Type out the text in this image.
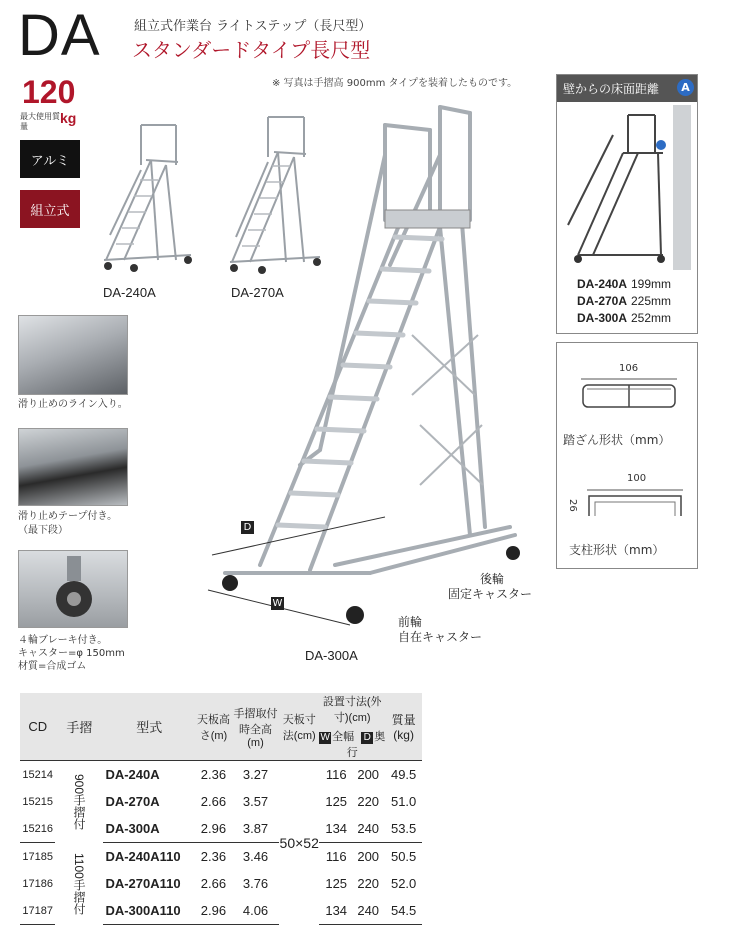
DA	組立式作業台 ライトステップ（長尺型）
スタンダードタイプ長尺型
120
最大使用質量
kg
アルミ
組立式
※ 写真は手摺高 900mm タイプを装着したものです。
DA-240A	DA-270A
D
W
後輪
固定キャスター
前輪
自在キャスター
DA-300A
滑り止めのライン入り。
滑り止めテープ付き。
（最下段）
４輪ブレーキ付き。
キャスター=φ 150mm
材質=合成ゴム
壁からの床面距離	A
DA-240A 199mm
DA-270A 225mm
DA-300A 252mm
106
踏ざん形状（mm）
100
26
支柱形状（mm）
CD	手摺	型式	天板高さ(m)	手摺取付時全高(m)	天板寸法(cm)	設置寸法(外寸)(cm)
W 全幅 D 奥行	質量(kg)
15214	900手摺付	DA-240A	2.36	3.27	50×52	116 200	49.5
15215		DA-270A	2.66	3.57		125 220	51.0
15216		DA-300A	2.96	3.87		134 240	53.5
17185	1100手摺付	DA-240A110	2.36	3.46		116 200	50.5
17186		DA-270A110	2.66	3.76		125 220	52.0
17187		DA-300A110	2.96	4.06		134 240	54.5
